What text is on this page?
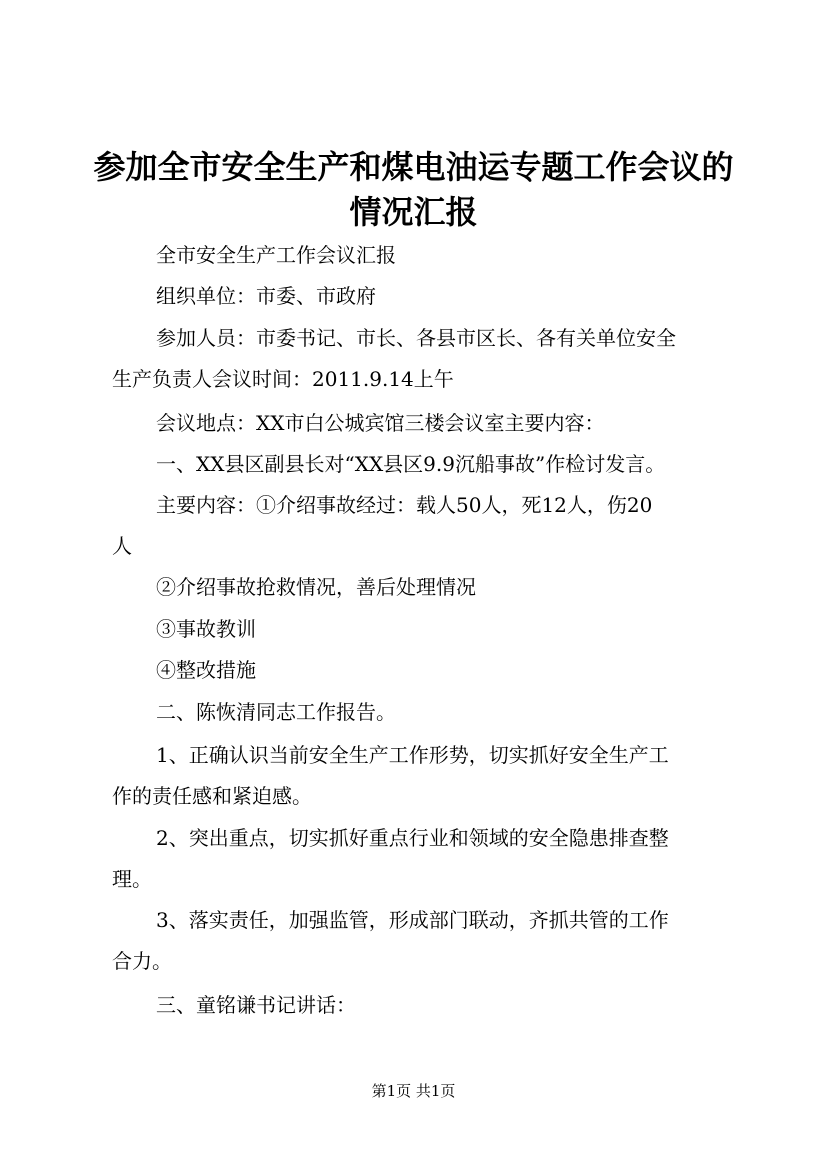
参加全市安全生产和煤电油运专题工作会议的
情况汇报
全市安全生产工作会议汇报
组织单位：市委、市政府
参加人员：市委书记、市长、各县市区长、各有关单位安全
生产负责人会议时间：2011.9.14上午
会议地点：XX市白公城宾馆三楼会议室主要内容：
一、XX县区副县长对“XX县区9.9沉船事故”作检讨发言。
主要内容：①介绍事故经过：载人50人，死12人，伤20
人
②介绍事故抢救情况，善后处理情况
③事故教训
④整改措施
二、陈恢清同志工作报告。
1、正确认识当前安全生产工作形势，切实抓好安全生产工
作的责任感和紧迫感。
2、突出重点，切实抓好重点行业和领域的安全隐患排查整
理。
3、落实责任，加强监管，形成部门联动，齐抓共管的工作
合力。
三、童铭谦书记讲话：
第1页 共1页
